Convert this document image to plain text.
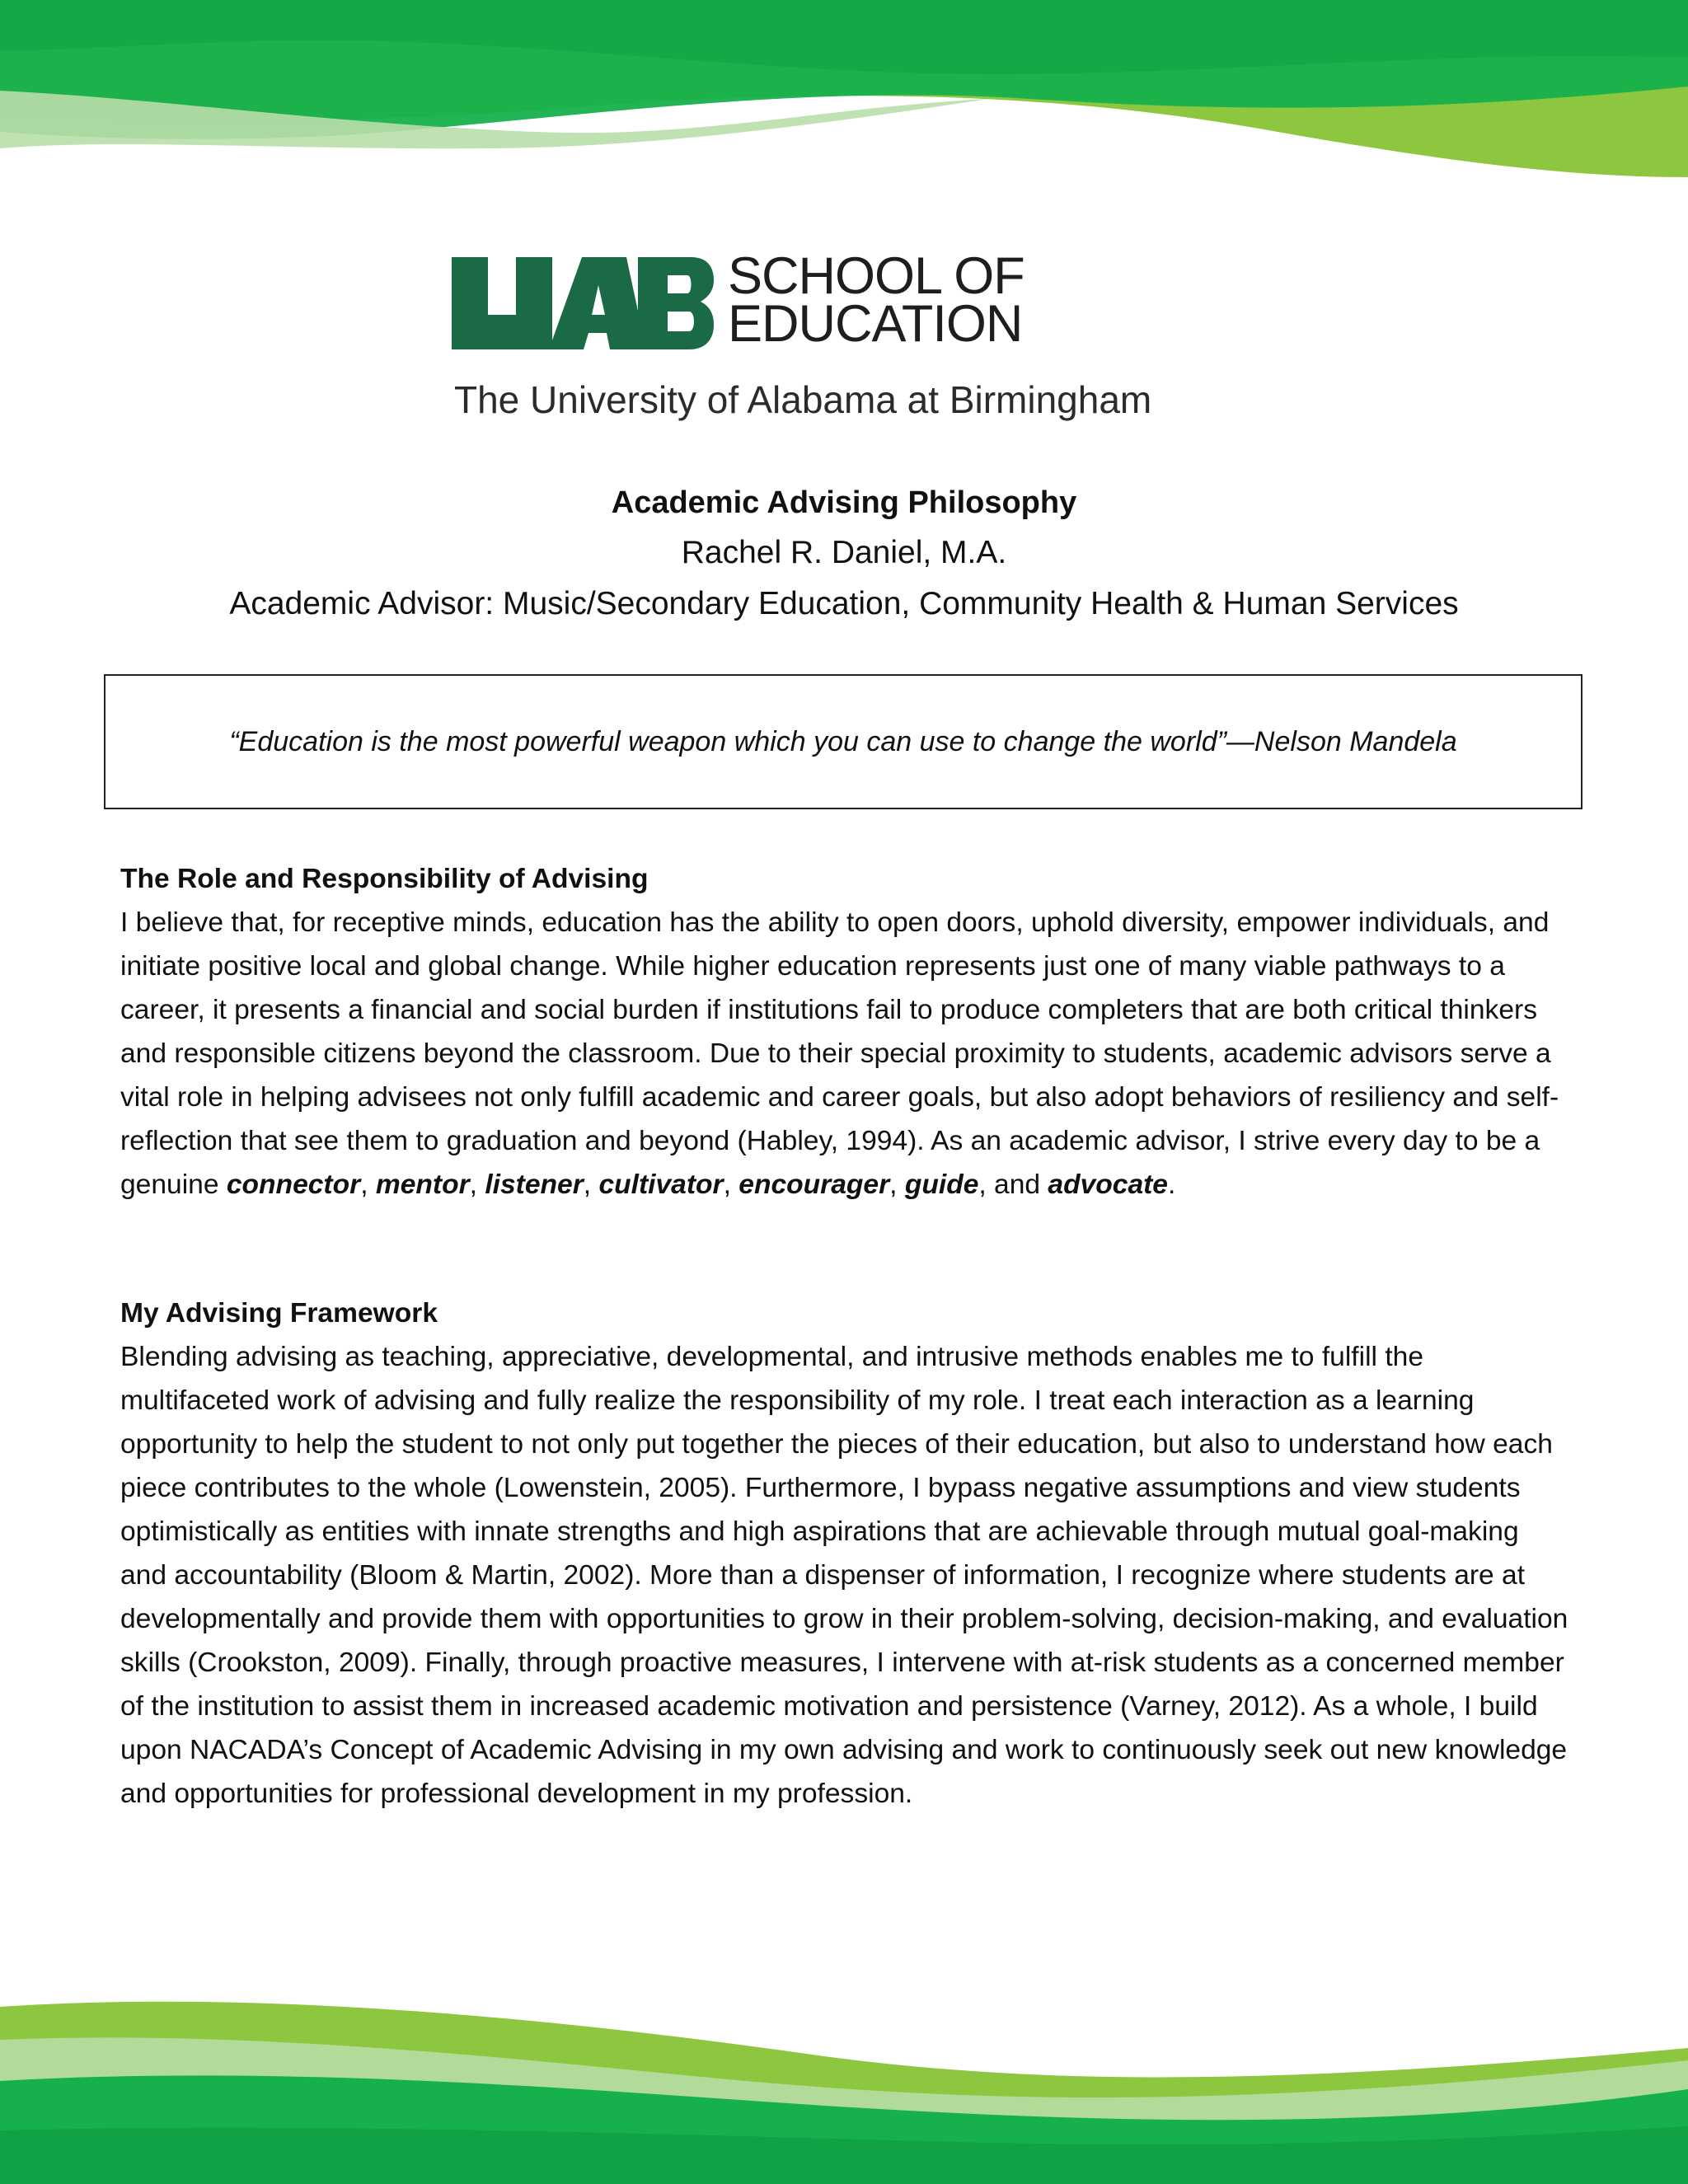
SCHOOL OF
EDUCATION
The University of Alabama at Birmingham
Academic Advising Philosophy
Rachel R. Daniel, M.A.
Academic Advisor: Music/Secondary Education, Community Health & Human Services
“Education is the most powerful weapon which you can use to change the world”—Nelson Mandela
The Role and Responsibility of Advising

I believe that, for receptive minds, education has the ability to open doors, uphold diversity, empower individuals, and initiate positive local and global change. While higher education represents just one of many viable pathways to a career, it presents a financial and social burden if institutions fail to produce completers that are both critical thinkers and responsible citizens beyond the classroom. Due to their special proximity to students, academic advisors serve a vital role in helping advisees not only fulfill academic and career goals, but also adopt behaviors of resiliency and self-reflection that see them to graduation and beyond (Habley, 1994). As an academic advisor, I strive every day to be a genuine connector, mentor, listener, cultivator, encourager, guide, and advocate.

My Advising Framework

Blending advising as teaching, appreciative, developmental, and intrusive methods enables me to fulfill the multifaceted work of advising and fully realize the responsibility of my role. I treat each interaction as a learning opportunity to help the student to not only put together the pieces of their education, but also to understand how each piece contributes to the whole (Lowenstein, 2005). Furthermore, I bypass negative assumptions and view students optimistically as entities with innate strengths and high aspirations that are achievable through mutual goal-making and accountability (Bloom & Martin, 2002). More than a dispenser of information, I recognize where students are at developmentally and provide them with opportunities to grow in their problem-solving, decision-making, and evaluation skills (Crookston, 2009). Finally, through proactive measures, I intervene with at-risk students as a concerned member of the institution to assist them in increased academic motivation and persistence (Varney, 2012). As a whole, I build upon NACADA’s Concept of Academic Advising in my own advising and work to continuously seek out new knowledge and opportunities for professional development in my profession.
